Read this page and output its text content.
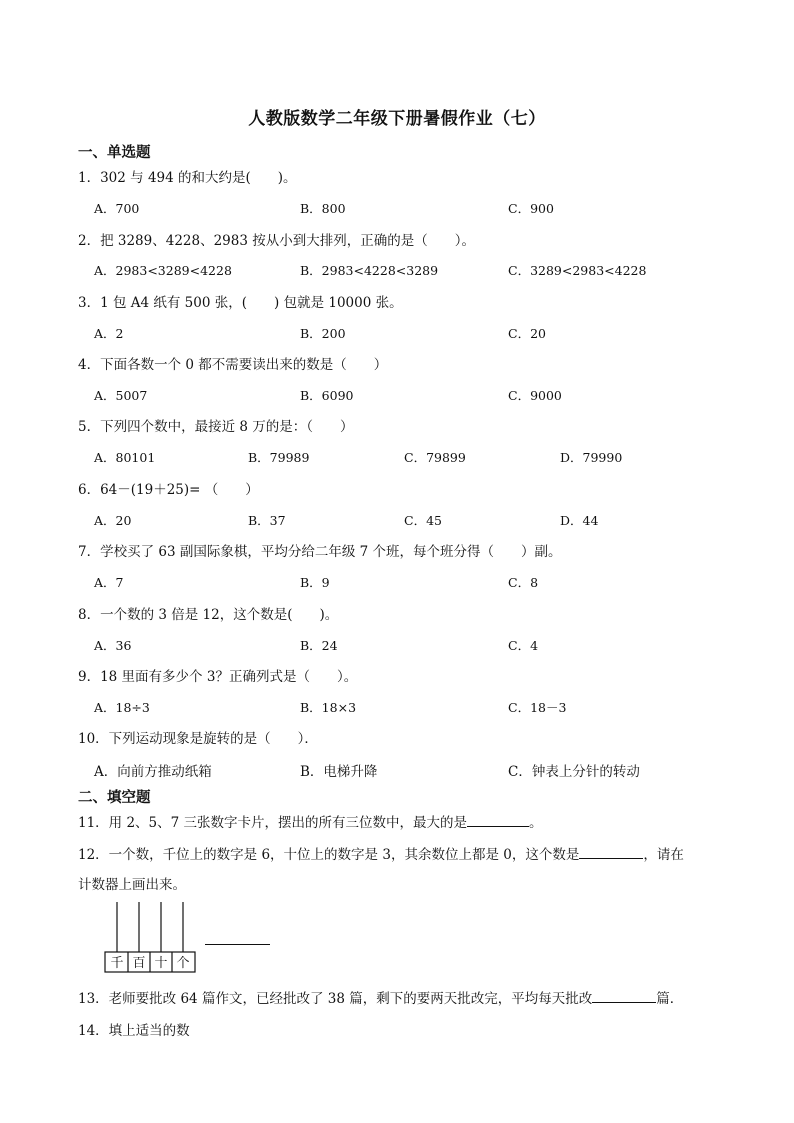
人教版数学二年级下册暑假作业（七）
一、单选题
1．302 与 494 的和大约是(　　)。
A．700	B．800	C．900
2．把 3289、4228、2983 按从小到大排列，正确的是（　　）。
A．2983<3289<4228	B．2983<4228<3289	C．3289<2983<4228
3．1 包 A4 纸有 500 张，(　　) 包就是 10000 张。
A．2	B．200	C．20
4．下面各数一个 0 都不需要读出来的数是（　　）
A．5007	B．6090	C．9000
5．下列四个数中，最接近 8 万的是：（　　）
A．80101	B．79989	C．79899	D．79990
6．64－(19＋25)= （　　）
A．20	B．37	C．45	D．44
7．学校买了 63 副国际象棋，平均分给二年级 7 个班，每个班分得（　　）副。
A．7	B．9	C．8
8．一个数的 3 倍是 12，这个数是(　　)。
A．36	B．24	C．4
9．18 里面有多少个 3？正确列式是（　　）。
A．18÷3	B．18×3	C．18－3
10．下列运动现象是旋转的是（　　）．
A．向前方推动纸箱	B．电梯升降	C．钟表上分针的转动
二、填空题
11．用 2、5、7 三张数字卡片，摆出的所有三位数中，最大的是	。
12．一个数，千位上的数字是 6，十位上的数字是 3，其余数位上都是 0，这个数是	，请在
计数器上画出来。
千 百 十 个
13．老师要批改 64 篇作文，已经批改了 38 篇，剩下的要两天批改完，平均每天批改	篇．
14．填上适当的数
